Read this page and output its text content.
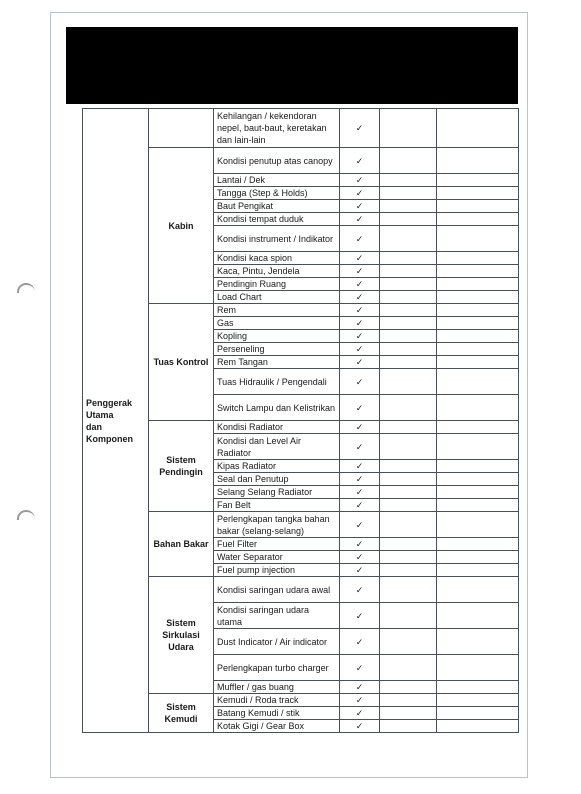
Penggerak
Utama
dan
Komponen		Kehilangan / kekendoran nepel, baut-baut, keretakan dan lain-lain	✓		
	Kabin	Kondisi penutup atas canopy	✓		
		Lantai / Dek	✓		
		Tangga (Step & Holds)	✓		
		Baut Pengikat	✓		
		Kondisi tempat duduk	✓		
		Kondisi instrument / Indikator	✓		
		Kondisi kaca spion	✓		
		Kaca, Pintu, Jendela	✓		
		Pendingin Ruang	✓		
		Load Chart	✓		
	Tuas Kontrol	Rem	✓		
		Gas	✓		
		Kopling	✓		
		Perseneling	✓		
		Rem Tangan	✓		
		Tuas Hidraulik / Pengendali	✓		
		Switch Lampu dan Kelistrikan	✓		
	Sistem Pendingin	Kondisi Radiator	✓		
		Kondisi dan Level Air Radiator	✓		
		Kipas Radiator	✓		
		Seal dan Penutup	✓		
		Selang Selang Radiator	✓		
		Fan Belt	✓		
	Bahan Bakar	Perlengkapan tangka bahan bakar (selang-selang)	✓		
		Fuel Filter	✓		
		Water Separator	✓		
		Fuel pump injection	✓		
	Sistem Sirkulasi Udara	Kondisi saringan udara awal	✓		
		Kondisi saringan udara utama	✓		
		Dust Indicator / Air indicator	✓		
		Perlengkapan turbo charger	✓		
		Muffler / gas buang	✓		
	Sistem Kemudi	Kemudi / Roda track	✓		
		Batang Kemudi / stik	✓		
		Kotak Gigi / Gear Box	✓		
